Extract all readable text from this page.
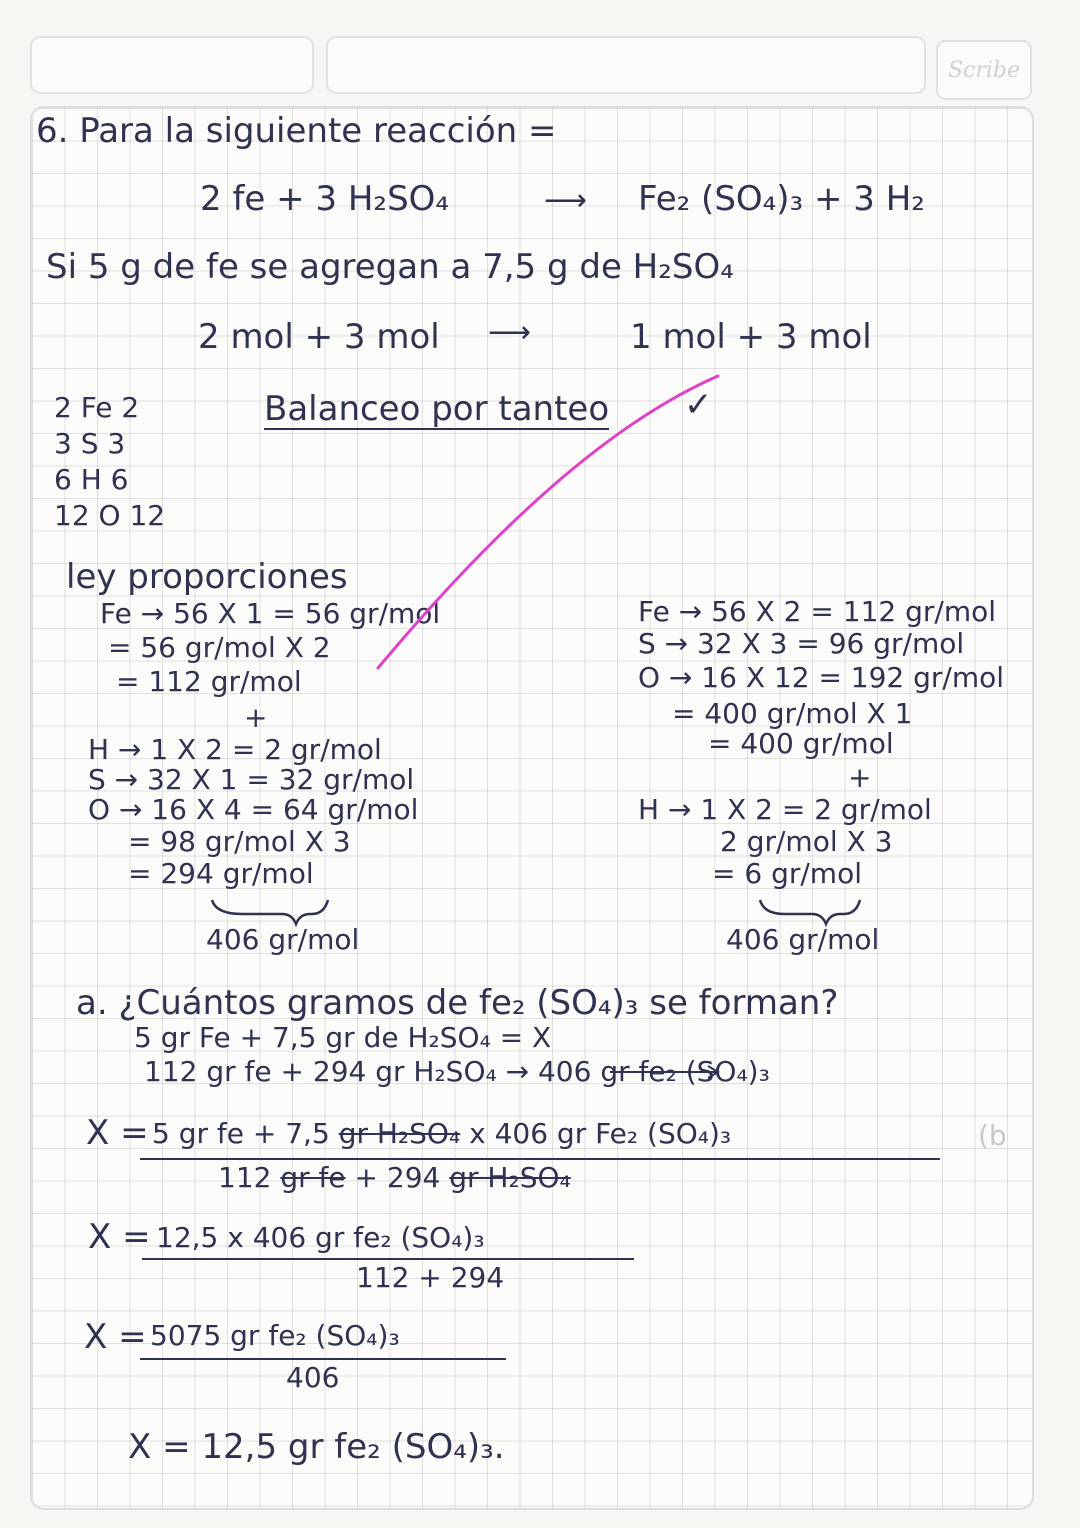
Scribe
6. Para la siguiente reacción =
2 fe + 3 H₂SO₄	⟶ Fe₂ (SO₄)₃ + 3 H₂
Si 5 g de fe se agregan a 7,5 g de H₂SO₄
2 mol + 3 mol ⟶	1 mol + 3 mol
Balanceo por tanteo ✓
2 Fe 2
3 S 3
6 H 6
12 O 12
ley proporciones
Fe → 56 X 1 = 56 gr/mol
= 56 gr/mol X 2
= 112 gr/mol
+
H → 1 X 2 = 2 gr/mol
S → 32 X 1 = 32 gr/mol
O → 16 X 4 = 64 gr/mol
= 98 gr/mol X 3
= 294 gr/mol
406 gr/mol
Fe → 56 X 2 = 112 gr/mol
S → 32 X 3 = 96 gr/mol
O → 16 X 12 = 192 gr/mol
= 400 gr/mol X 1
= 400 gr/mol
+
H → 1 X 2 = 2 gr/mol
2 gr/mol X 3
= 6 gr/mol
406 gr/mol
a. ¿Cuántos gramos de fe₂ (SO₄)₃ se forman?
5 gr Fe + 7,5 gr de H₂SO₄ = X
112 gr fe + 294 gr H₂SO₄ → 406 gr fe₂ (SO₄)₃
X = 5 gr fe + 7,5 gr H₂SO₄ x 406 gr Fe₂ (SO₄)₃
112 gr fe + 294 gr H₂SO₄
(b
X = 12,5 x 406 gr fe₂ (SO₄)₃
112 + 294
X = 5075 gr fe₂ (SO₄)₃
406
X = 12,5 gr fe₂ (SO₄)₃.
